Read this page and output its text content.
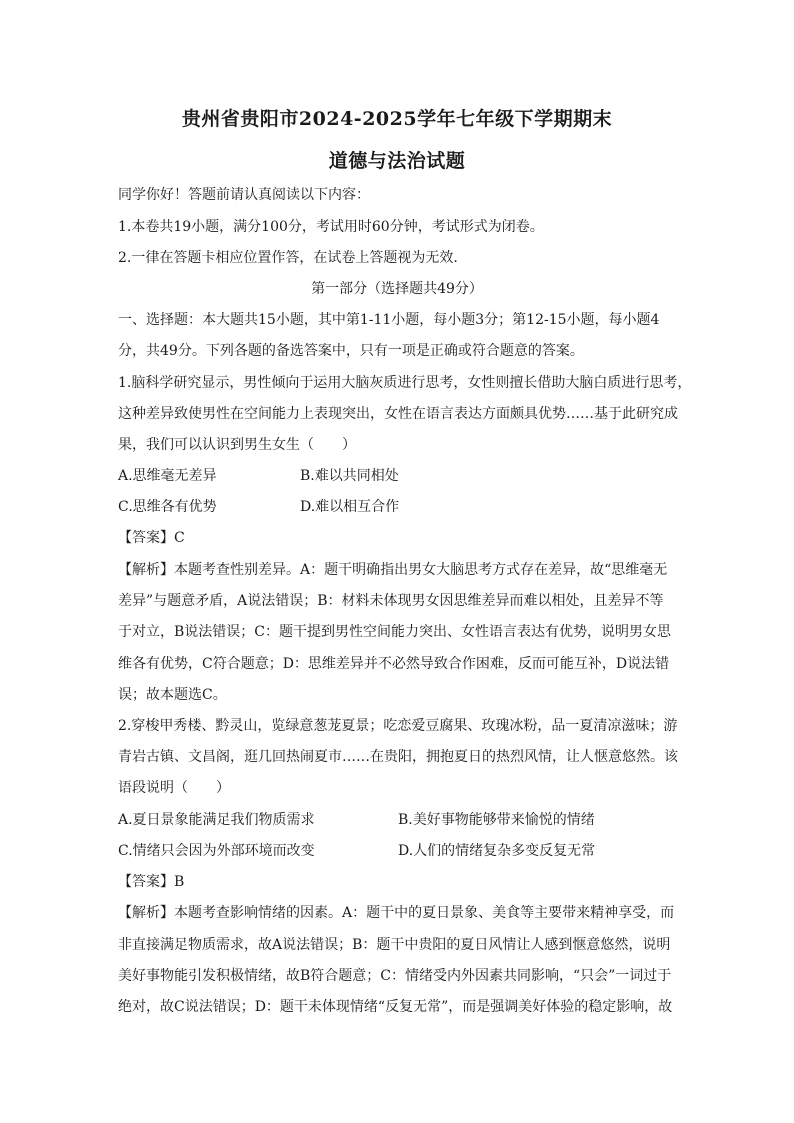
贵州省贵阳市2024-2025学年七年级下学期期末
道德与法治试题
同学你好！答题前请认真阅读以下内容：
1.本卷共19小题，满分100分，考试用时60分钟，考试形式为闭卷。
2.一律在答题卡相应位置作答，在试卷上答题视为无效.
第一部分（选择题共49分）
一、选择题：本大题共15小题，其中第1-11小题，每小题3分；第12-15小题，每小题4
分，共49分。下列各题的备选答案中，只有一项是正确或符合题意的答案。
1.脑科学研究显示，男性倾向于运用大脑灰质进行思考，女性则擅长借助大脑白质进行思考，
这种差异致使男性在空间能力上表现突出，女性在语言表达方面颇具优势……基于此研究成
果，我们可以认识到男生女生（　　）
A.思维毫无差异	B.难以共同相处
C.思维各有优势	D.难以相互合作
【答案】C
【解析】本题考查性别差异。A：题干明确指出男女大脑思考方式存在差异，故“思维毫无
差异”与题意矛盾，A说法错误；B：材料未体现男女因思维差异而难以相处，且差异不等
于对立，B说法错误；C：题干提到男性空间能力突出、女性语言表达有优势，说明男女思
维各有优势，C符合题意；D：思维差异并不必然导致合作困难，反而可能互补，D说法错
误；故本题选C。
2.穿梭甲秀楼、黔灵山，览绿意葱茏夏景；吃恋爱豆腐果、玫瑰冰粉，品一夏清凉滋味；游
青岩古镇、文昌阁，逛几回热闹夏市……在贵阳，拥抱夏日的热烈风情，让人惬意悠然。该
语段说明（　　）
A.夏日景象能满足我们物质需求	B.美好事物能够带来愉悦的情绪
C.情绪只会因为外部环境而改变	D.人们的情绪复杂多变反复无常
【答案】B
【解析】本题考查影响情绪的因素。A：题干中的夏日景象、美食等主要带来精神享受，而
非直接满足物质需求，故A说法错误；B：题干中贵阳的夏日风情让人感到惬意悠然，说明
美好事物能引发积极情绪，故B符合题意；C：情绪受内外因素共同影响，“只会”一词过于
绝对，故C说法错误；D：题干未体现情绪“反复无常”，而是强调美好体验的稳定影响，故
